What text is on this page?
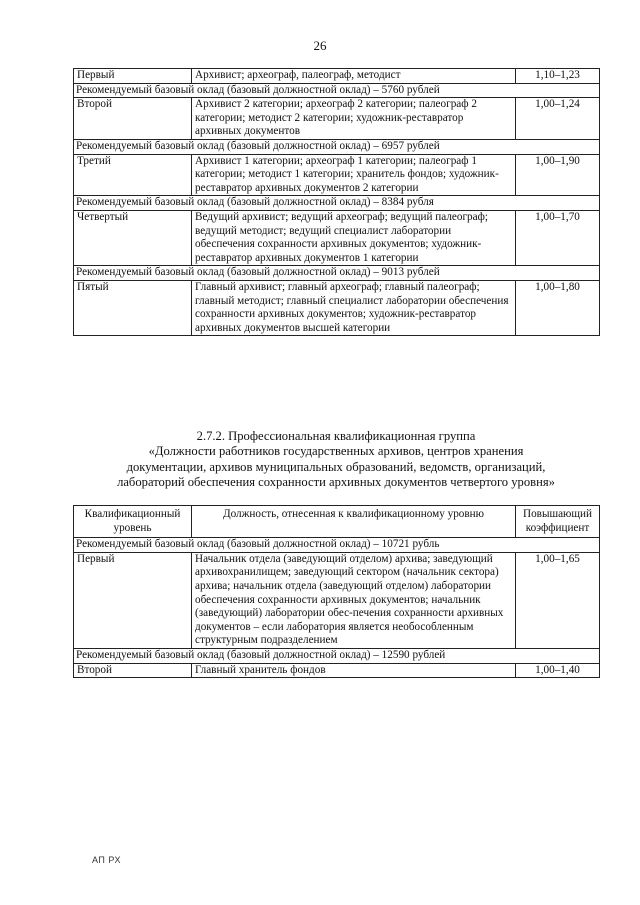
26
Первый	Архивист; археограф, палеограф, методист	1,10–1,23
Рекомендуемый базовый оклад (базовый должностной оклад) – 5760 рублей		
Второй	Архивист 2 категории; археограф 2 категории; палеограф 2 категории; методист 2 категории; художник-реставратор архивных документов	1,00–1,24
Рекомендуемый базовый оклад (базовый должностной оклад) – 6957 рублей		
Третий	Архивист 1 категории; археограф 1 категории; палеограф 1 категории; методист 1 категории; хранитель фондов; художник-реставратор архивных документов 2 категории	1,00–1,90
Рекомендуемый базовый оклад (базовый должностной оклад) – 8384 рубля		
Четвертый	Ведущий архивист; ведущий археограф; ведущий палеограф; ведущий методист; ведущий специалист лаборатории обеспечения сохранности архивных документов; художник-реставратор архивных документов 1 категории	1,00–1,70
Рекомендуемый базовый оклад (базовый должностной оклад) – 9013 рублей		
Пятый	Главный архивист; главный археограф; главный палеограф; главный методист; главный специалист лаборатории обеспечения сохранности архивных документов; художник-реставратор архивных документов высшей категории	1,00–1,80
2.7.2. Профессиональная квалификационная группа
«Должности работников государственных архивов, центров хранения
документации, архивов муниципальных образований, ведомств, организаций,
лабораторий обеспечения сохранности архивных документов четвертого уровня»
Квалификационный уровень	Должность, отнесенная к квалификационному уровню	Повышающий коэффициент
Рекомендуемый базовый оклад (базовый должностной оклад) – 10721 рубль		
Первый	Начальник отдела (заведующий отделом) архива; заведующий архивохранилищем; заведующий сектором (начальник сектора) архива; начальник отдела (заведующий отделом) лаборатории обеспечения сохранности архивных документов; начальник (заведующий) лаборатории обес-печения сохранности архивных документов – если лаборатория является необособленным структурным подразделением	1,00–1,65
Рекомендуемый базовый оклад (базовый должностной оклад) – 12590 рублей		
Второй	Главный хранитель фондов	1,00–1,40
АП РХ
